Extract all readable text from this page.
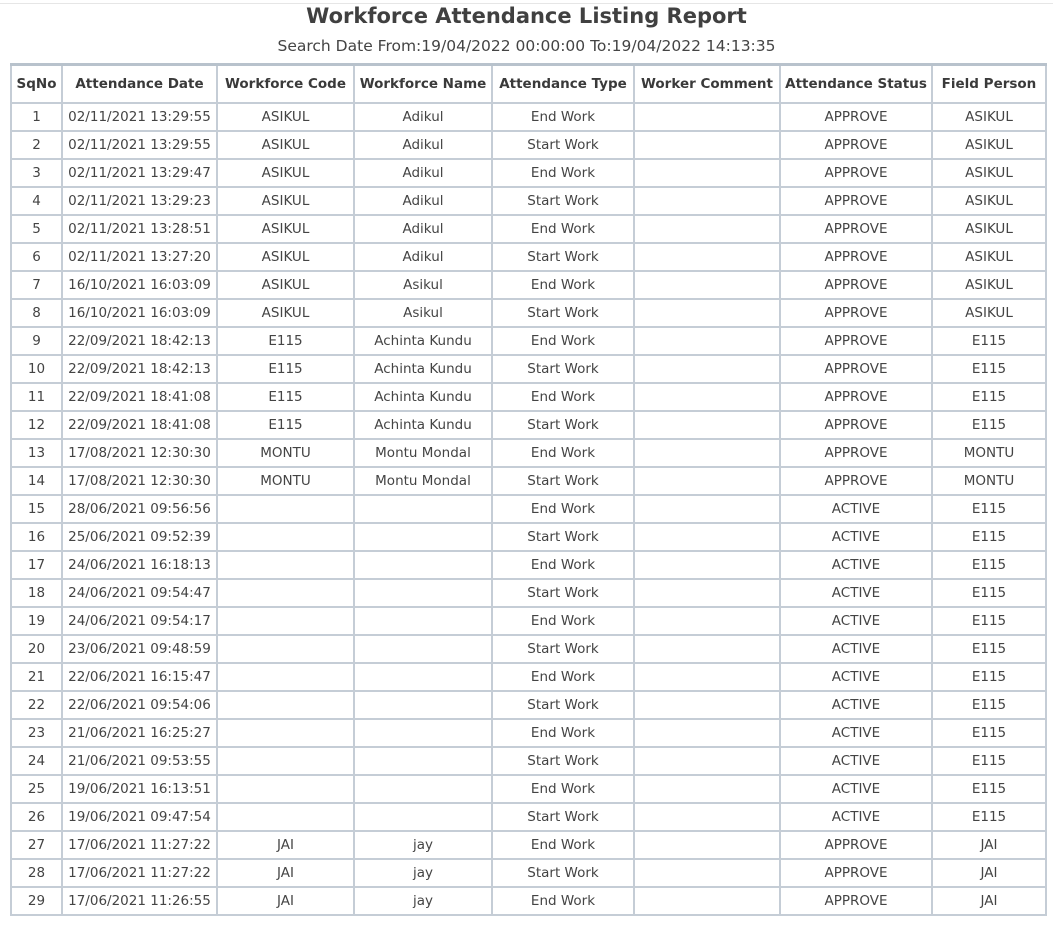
Workforce Attendance Listing Report
Search Date From:19/04/2022 00:00:00 To:19/04/2022 14:13:35
SqNo	Attendance Date	Workforce Code	Workforce Name	Attendance Type	Worker Comment	Attendance Status	Field Person
1	02/11/2021 13:29:55	ASIKUL	Adikul	End Work		APPROVE	ASIKUL
2	02/11/2021 13:29:55	ASIKUL	Adikul	Start Work		APPROVE	ASIKUL
3	02/11/2021 13:29:47	ASIKUL	Adikul	End Work		APPROVE	ASIKUL
4	02/11/2021 13:29:23	ASIKUL	Adikul	Start Work		APPROVE	ASIKUL
5	02/11/2021 13:28:51	ASIKUL	Adikul	End Work		APPROVE	ASIKUL
6	02/11/2021 13:27:20	ASIKUL	Adikul	Start Work		APPROVE	ASIKUL
7	16/10/2021 16:03:09	ASIKUL	Asikul	End Work		APPROVE	ASIKUL
8	16/10/2021 16:03:09	ASIKUL	Asikul	Start Work		APPROVE	ASIKUL
9	22/09/2021 18:42:13	E115	Achinta Kundu	End Work		APPROVE	E115
10	22/09/2021 18:42:13	E115	Achinta Kundu	Start Work		APPROVE	E115
11	22/09/2021 18:41:08	E115	Achinta Kundu	End Work		APPROVE	E115
12	22/09/2021 18:41:08	E115	Achinta Kundu	Start Work		APPROVE	E115
13	17/08/2021 12:30:30	MONTU	Montu Mondal	End Work		APPROVE	MONTU
14	17/08/2021 12:30:30	MONTU	Montu Mondal	Start Work		APPROVE	MONTU
15	28/06/2021 09:56:56			End Work		ACTIVE	E115
16	25/06/2021 09:52:39			Start Work		ACTIVE	E115
17	24/06/2021 16:18:13			End Work		ACTIVE	E115
18	24/06/2021 09:54:47			Start Work		ACTIVE	E115
19	24/06/2021 09:54:17			End Work		ACTIVE	E115
20	23/06/2021 09:48:59			Start Work		ACTIVE	E115
21	22/06/2021 16:15:47			End Work		ACTIVE	E115
22	22/06/2021 09:54:06			Start Work		ACTIVE	E115
23	21/06/2021 16:25:27			End Work		ACTIVE	E115
24	21/06/2021 09:53:55			Start Work		ACTIVE	E115
25	19/06/2021 16:13:51			End Work		ACTIVE	E115
26	19/06/2021 09:47:54			Start Work		ACTIVE	E115
27	17/06/2021 11:27:22	JAI	jay	End Work		APPROVE	JAI
28	17/06/2021 11:27:22	JAI	jay	Start Work		APPROVE	JAI
29	17/06/2021 11:26:55	JAI	jay	End Work		APPROVE	JAI
